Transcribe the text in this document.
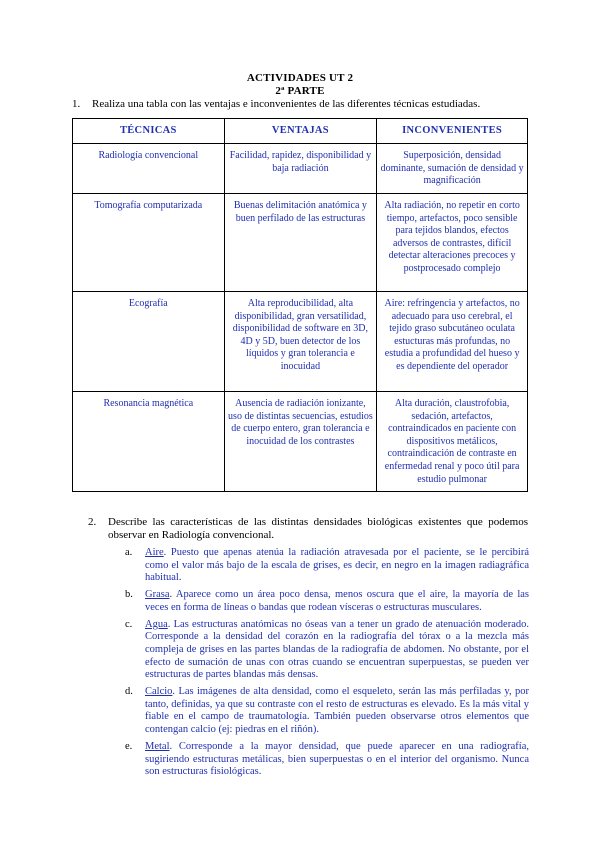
ACTIVIDADES UT 2
2ª PARTE
1. Realiza una tabla con las ventajas e inconvenientes de las diferentes técnicas estudiadas.
TÉCNICAS	VENTAJAS	INCONVENIENTES
Radiología convencional	Facilidad, rapidez, disponibilidad y baja radiación	Superposición, densidad dominante, sumación de densidad y magnificación
Tomografía computarizada	Buenas delimitación anatómica y buen perfilado de las estructuras	Alta radiación, no repetir en corto tiempo, artefactos, poco sensible para tejidos blandos, efectos adversos de contrastes, difícil detectar alteraciones precoces y postprocesado complejo
Ecografía	Alta reproducibilidad, alta disponibilidad, gran versatilidad, disponibilidad de software en 3D, 4D y 5D, buen detector de los líquidos y gran tolerancia e inocuidad	Aire: refringencia y artefactos, no adecuado para uso cerebral, el tejido graso subcutáneo oculata estucturas más profundas, no estudia a profundidad del hueso y es dependiente del operador
Resonancia magnética	Ausencia de radiación ionizante, uso de distintas secuencias, estudios de cuerpo entero, gran tolerancia e inocuidad de los contrastes	Alta duración, claustrofobia, sedación, artefactos, contraindicados en paciente con dispositivos metálicos, contraindicación de contraste en enfermedad renal y poco útil para estudio pulmonar
2. Describe las características de las distintas densidades biológicas existentes que podemos observar en Radiología convencional.
a. Aire. Puesto que apenas atenúa la radiación atravesada por el paciente, se le percibirá como el valor más bajo de la escala de grises, es decir, en negro en la imagen radiagráfica habitual.
b. Grasa. Aparece como un área poco densa, menos oscura que el aire, la mayoría de las veces en forma de líneas o bandas que rodean vísceras o estructuras musculares.
c. Agua. Las estructuras anatómicas no óseas van a tener un grado de atenuación moderado. Corresponde a la densidad del corazón en la radiografía del tórax o a la mezcla más compleja de grises en las partes blandas de la radiografía de abdomen. No obstante, por el efecto de sumación de unas con otras cuando se encuentran superpuestas, se pueden ver estructuras de partes blandas más densas.
d. Calcio. Las imágenes de alta densidad, como el esqueleto, serán las más perfiladas y, por tanto, definidas, ya que su contraste con el resto de estructuras es elevado. Es la más vital y fiable en el campo de traumatología. También pueden observarse otros elementos que contengan calcio (ej: piedras en el riñón).
e. Metal. Corresponde a la mayor densidad, que puede aparecer en una radiografía, sugiriendo estructuras metálicas, bien superpuestas o en el interior del organismo. Nunca son estructuras fisiológicas.
